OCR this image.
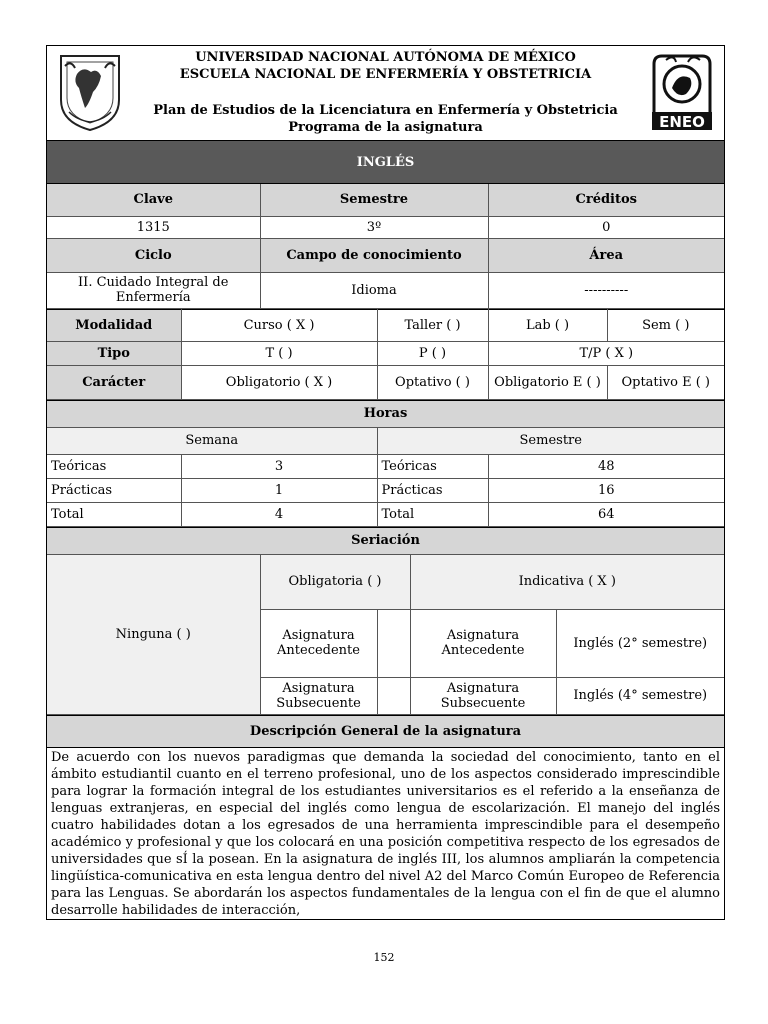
UNIVERSIDAD NACIONAL AUTÓNOMA DE MÉXICO
ESCUELA NACIONAL DE ENFERMERÍA Y OBSTETRICIA
Plan de Estudios de la Licenciatura en Enfermería y Obstetricia
Programa de la asignatura	ENEO
INGLÉS
Clave	Semestre	Créditos
1315	3º	0
Ciclo	Campo de conocimiento	Área
II. Cuidado Integral de Enfermería	Idioma	----------
Modalidad	Curso ( X )	Taller ( )	Lab ( )	Sem ( )
Tipo	T ( )	P ( )	T/P ( X )	
Carácter	Obligatorio ( X )	Optativo ( )	Obligatorio E ( )	Optativo E ( )
Horas			
Semana		Semestre	
Teóricas	3	Teóricas	48
Prácticas	1	Prácticas	16
Total	4	Total	64
Seriación				
Ninguna ( )	Obligatoria ( )		Indicativa ( X )	
	Asignatura Antecedente		Asignatura Antecedente	Inglés (2° semestre)
	Asignatura Subsecuente		Asignatura Subsecuente	Inglés (4° semestre)
Descripción General de la asignatura
De acuerdo con los nuevos paradigmas que demanda la sociedad del conocimiento, tanto en el ámbito estudiantil cuanto en el terreno profesional, uno de los aspectos considerado imprescindible para lograr la formación integral de los estudiantes universitarios es el referido a la enseñanza de lenguas extranjeras, en especial del inglés como lengua de escolarización. El manejo del inglés cuatro habilidades dotan a los egresados de una herramienta imprescindible para el desempeño académico y profesional y que los colocará en una posición competitiva respecto de los egresados de universidades que sÍ la posean. En la asignatura de inglés III, los alumnos ampliarán la competencia lingüística-comunicativa en esta lengua dentro del nivel A2 del Marco Común Europeo de Referencia para las Lenguas. Se abordarán los aspectos fundamentales de la lengua con el fin de que el alumno desarrolle habilidades de interacción,
152
